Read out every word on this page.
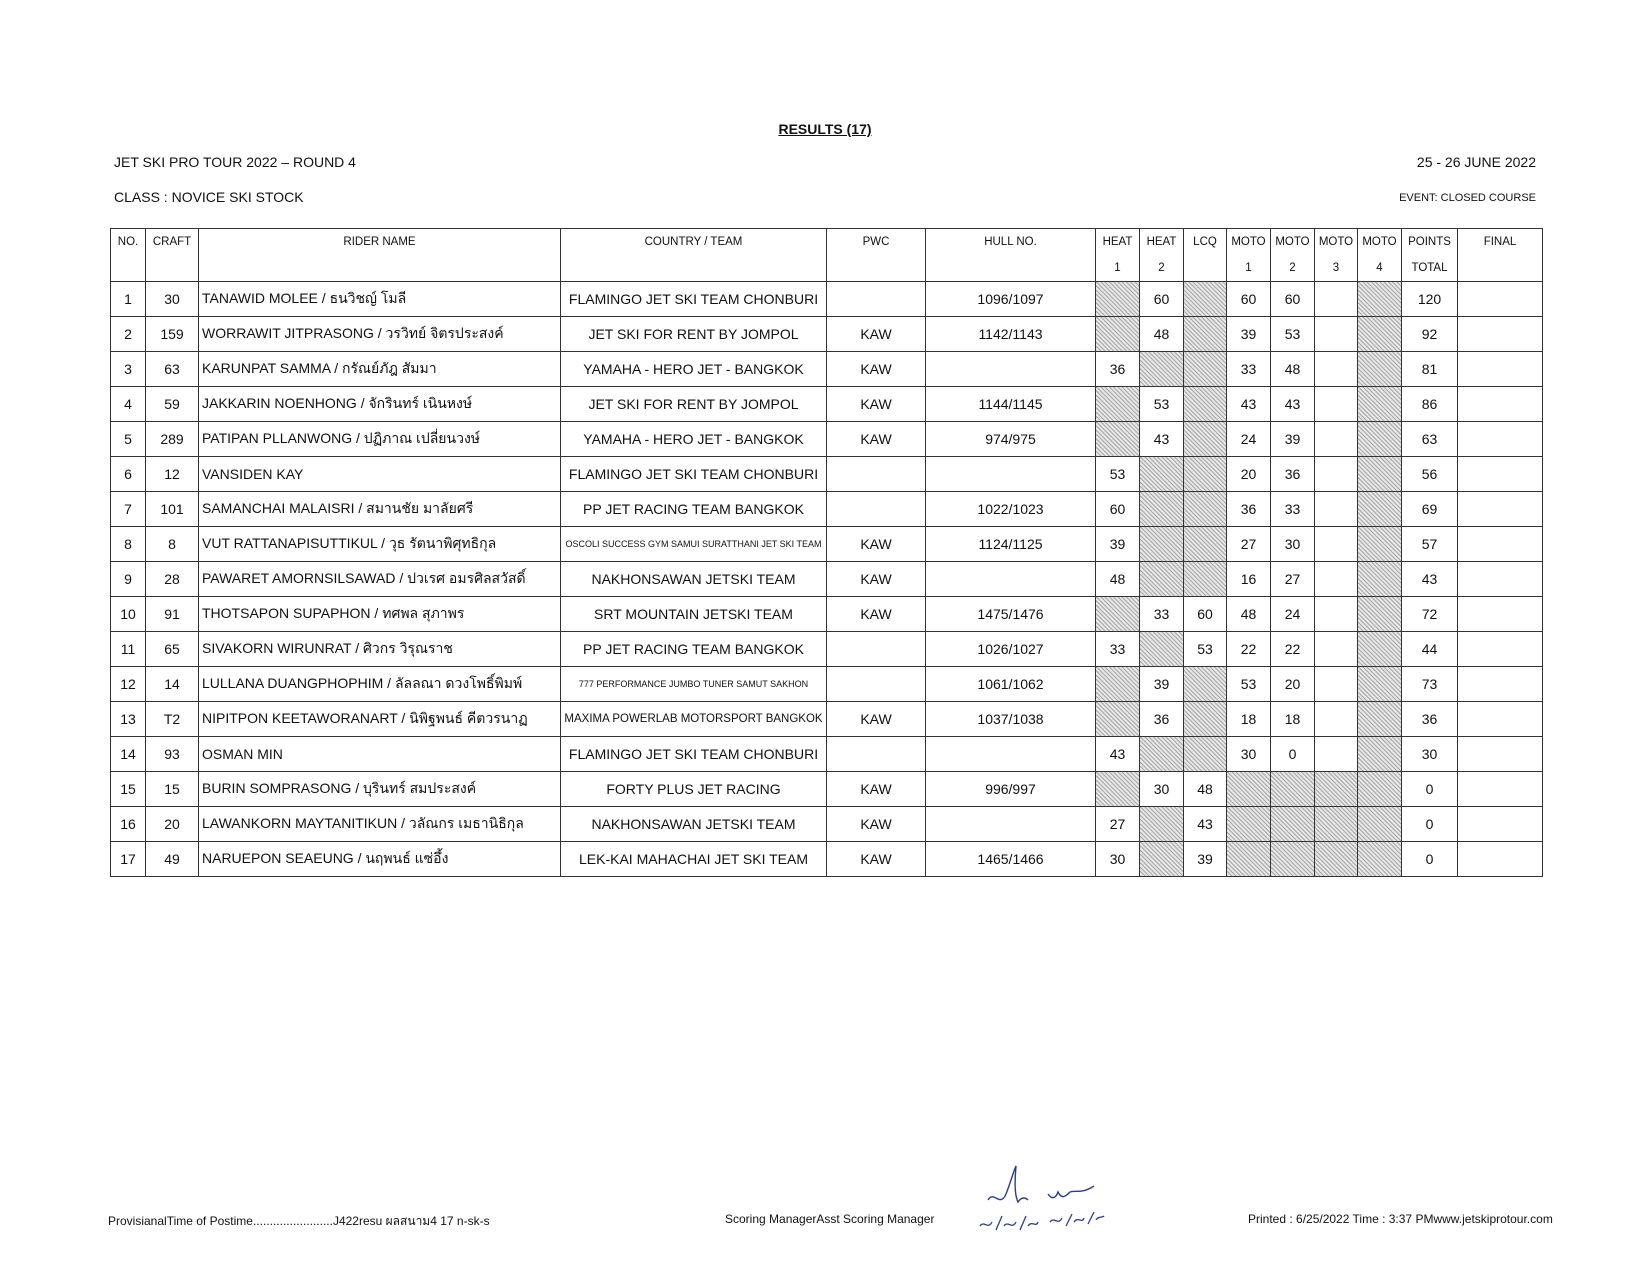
RESULTS (17)
JET SKI PRO TOUR 2022 – ROUND 4	25 - 26 JUNE 2022
CLASS : NOVICE SKI STOCK	EVENT: CLOSED COURSE
NO.	CRAFT	RIDER NAME	COUNTRY / TEAM	PWC	HULL NO.	HEAT	HEAT	LCQ	MOTO	MOTO	MOTO	MOTO	POINTS	FINAL
						1	2		1	2	3	4	TOTAL	
1	30	TANAWID MOLEE / ธนวิชญ์ โมลี	FLAMINGO JET SKI TEAM CHONBURI		1096/1097		60		60	60			120	
2	159	WORRAWIT JITPRASONG / วรวิทย์ จิตรประสงค์	JET SKI FOR RENT BY JOMPOL	KAW	1142/1143		48		39	53			92	
3	63	KARUNPAT SAMMA / กรัณย์ภัฎ สัมมา	YAMAHA - HERO JET - BANGKOK	KAW		36			33	48			81	
4	59	JAKKARIN NOENHONG / จักรินทร์ เนินหงษ์	JET SKI FOR RENT BY JOMPOL	KAW	1144/1145		53		43	43			86	
5	289	PATIPAN PLLANWONG / ปฏิภาณ เปลี่ยนวงษ์	YAMAHA - HERO JET - BANGKOK	KAW	974/975		43		24	39			63	
6	12	VANSIDEN KAY	FLAMINGO JET SKI TEAM CHONBURI			53			20	36			56	
7	101	SAMANCHAI MALAISRI / สมานชัย มาลัยศรี	PP JET RACING TEAM BANGKOK		1022/1023	60			36	33			69	
8	8	VUT RATTANAPISUTTIKUL / วุธ รัตนาพิศุทธิกุล	OSCOLI SUCCESS GYM SAMUI SURATTHANI JET SKI TEAM	KAW	1124/1125	39			27	30			57	
9	28	PAWARET AMORNSILSAWAD / ปวเรศ อมรศิลสวัสดิ์	NAKHONSAWAN JETSKI TEAM	KAW		48			16	27			43	
10	91	THOTSAPON SUPAPHON / ทศพล สุภาพร	SRT MOUNTAIN JETSKI TEAM	KAW	1475/1476		33	60	48	24			72	
11	65	SIVAKORN WIRUNRAT / ศิวกร วิรุณราช	PP JET RACING TEAM BANGKOK		1026/1027	33		53	22	22			44	
12	14	LULLANA DUANGPHOPHIM / ลัลลณา ดวงโพธิ์พิมพ์	777 PERFORMANCE JUMBO TUNER SAMUT SAKHON		1061/1062		39		53	20			73	
13	T2	NIPITPON KEETAWORANART / นิพิฐพนธ์ คีตวรนาฏ	MAXIMA POWERLAB MOTORSPORT BANGKOK	KAW	1037/1038		36		18	18			36	
14	93	OSMAN MIN	FLAMINGO JET SKI TEAM CHONBURI			43			30	0			30	
15	15	BURIN SOMPRASONG / บุรินทร์ สมประสงค์	FORTY PLUS JET RACING	KAW	996/997		30	48					0	
16	20	LAWANKORN MAYTANITIKUN / วลัณกร เมธานิธิกุล	NAKHONSAWAN JETSKI TEAM	KAW		27		43					0	
17	49	NARUEPON SEAEUNG / นฤพนธ์ แซ่อึ้ง	LEK-KAI MAHACHAI JET SKI TEAM	KAW	1465/1466	30		39					0	
ProvisianalTime of Postime........................J422resu ผลสนาม4 17 n-sk-s	Scoring ManagerAsst Scoring Manager	Printed : 6/25/2022 Time : 3:37 PMwww.jetskiprotour.com
